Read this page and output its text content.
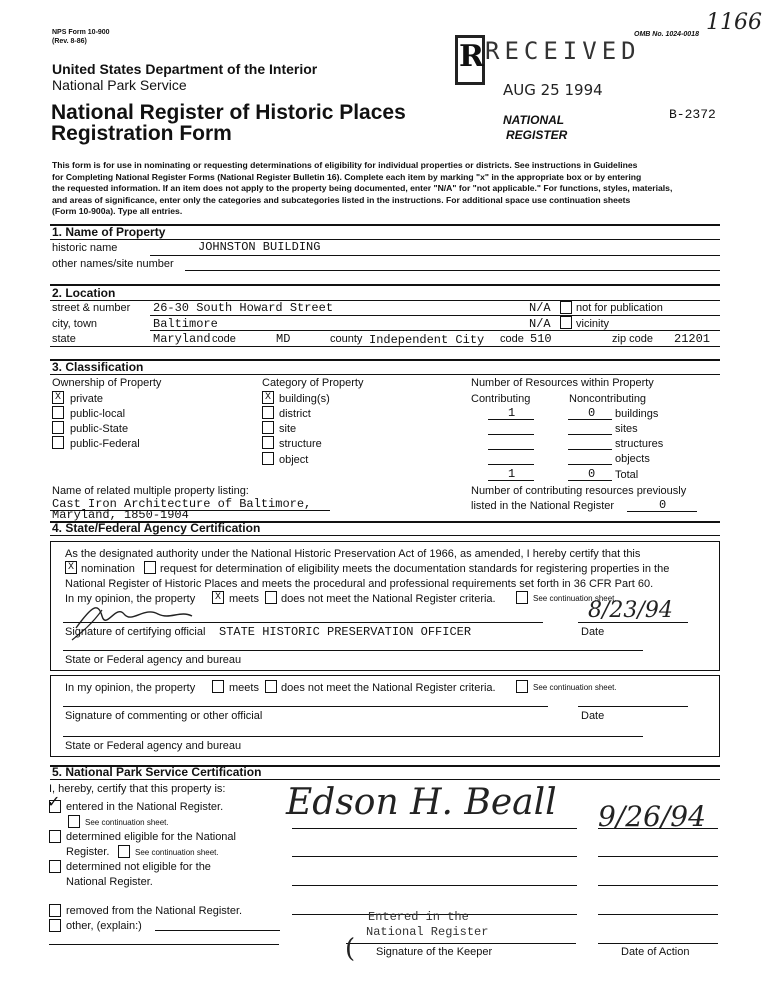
NPS Form 10-900
(Rev. 8-86)
OMB No. 1024-0018 1166
United States Department of the Interior
National Park Service
National Register of Historic Places
Registration Form
B-2372
R RECEIVED
AUG 25 1994
NATIONAL
REGISTER
This form is for use in nominating or requesting determinations of eligibility for individual properties or districts. See instructions in Guidelines
for Completing National Register Forms (National Register Bulletin 16). Complete each item by marking "x" in the appropriate box or by entering
the requested information. If an item does not apply to the property being documented, enter "N/A" for "not applicable." For functions, styles, materials,
and areas of significance, enter only the categories and subcategories listed in the instructions. For additional space use continuation sheets
(Form 10-900a). Type all entries.
1. Name of Property
historic name	JOHNSTON BUILDING
other names/site number
2. Location
street & number 26-30 South Howard Street	N/A not for publication
city, town	Baltimore	N/A vicinity
state	Maryland code	MD	county Independent City code 510	zip code 21201
3. Classification
Ownership of Property
X private
public-local
public-State
public-Federal
Category of Property
X building(s)
district
site
structure
object
Number of Resources within Property
Contributing	Noncontributing
1	0 buildings
sites
structures
objects
1	0 Total
Name of related multiple property listing:
Cast Iron Architecture of Baltimore,
Maryland, 1850-1904
Number of contributing resources previously
listed in the National Register	0
4. State/Federal Agency Certification
As the designated authority under the National Historic Preservation Act of 1966, as amended, I hereby certify that this
X nomination request for determination of eligibility meets the documentation standards for registering properties in the
National Register of Historic Places and meets the procedural and professional requirements set forth in 36 CFR Part 60.
In my opinion, the property X meets does not meet the National Register criteria.	See continuation sheet.
Signature of certifying official STATE HISTORIC PRESERVATION OFFICER
8/23/94
Date
State or Federal agency and bureau
In my opinion, the property	meets does not meet the National Register criteria.	See continuation sheet.
Signature of commenting or other official	Date
State or Federal agency and bureau
5. National Park Service Certification
I, hereby, certify that this property is:
✓ entered in the National Register.
See continuation sheet.
determined eligible for the National
Register.	See continuation sheet.
determined not eligible for the
National Register.
removed from the National Register.
other, (explain:)
Edson H. Beall 9/26/94
Entered in the
National Register
( Signature of the Keeper	Date of Action
